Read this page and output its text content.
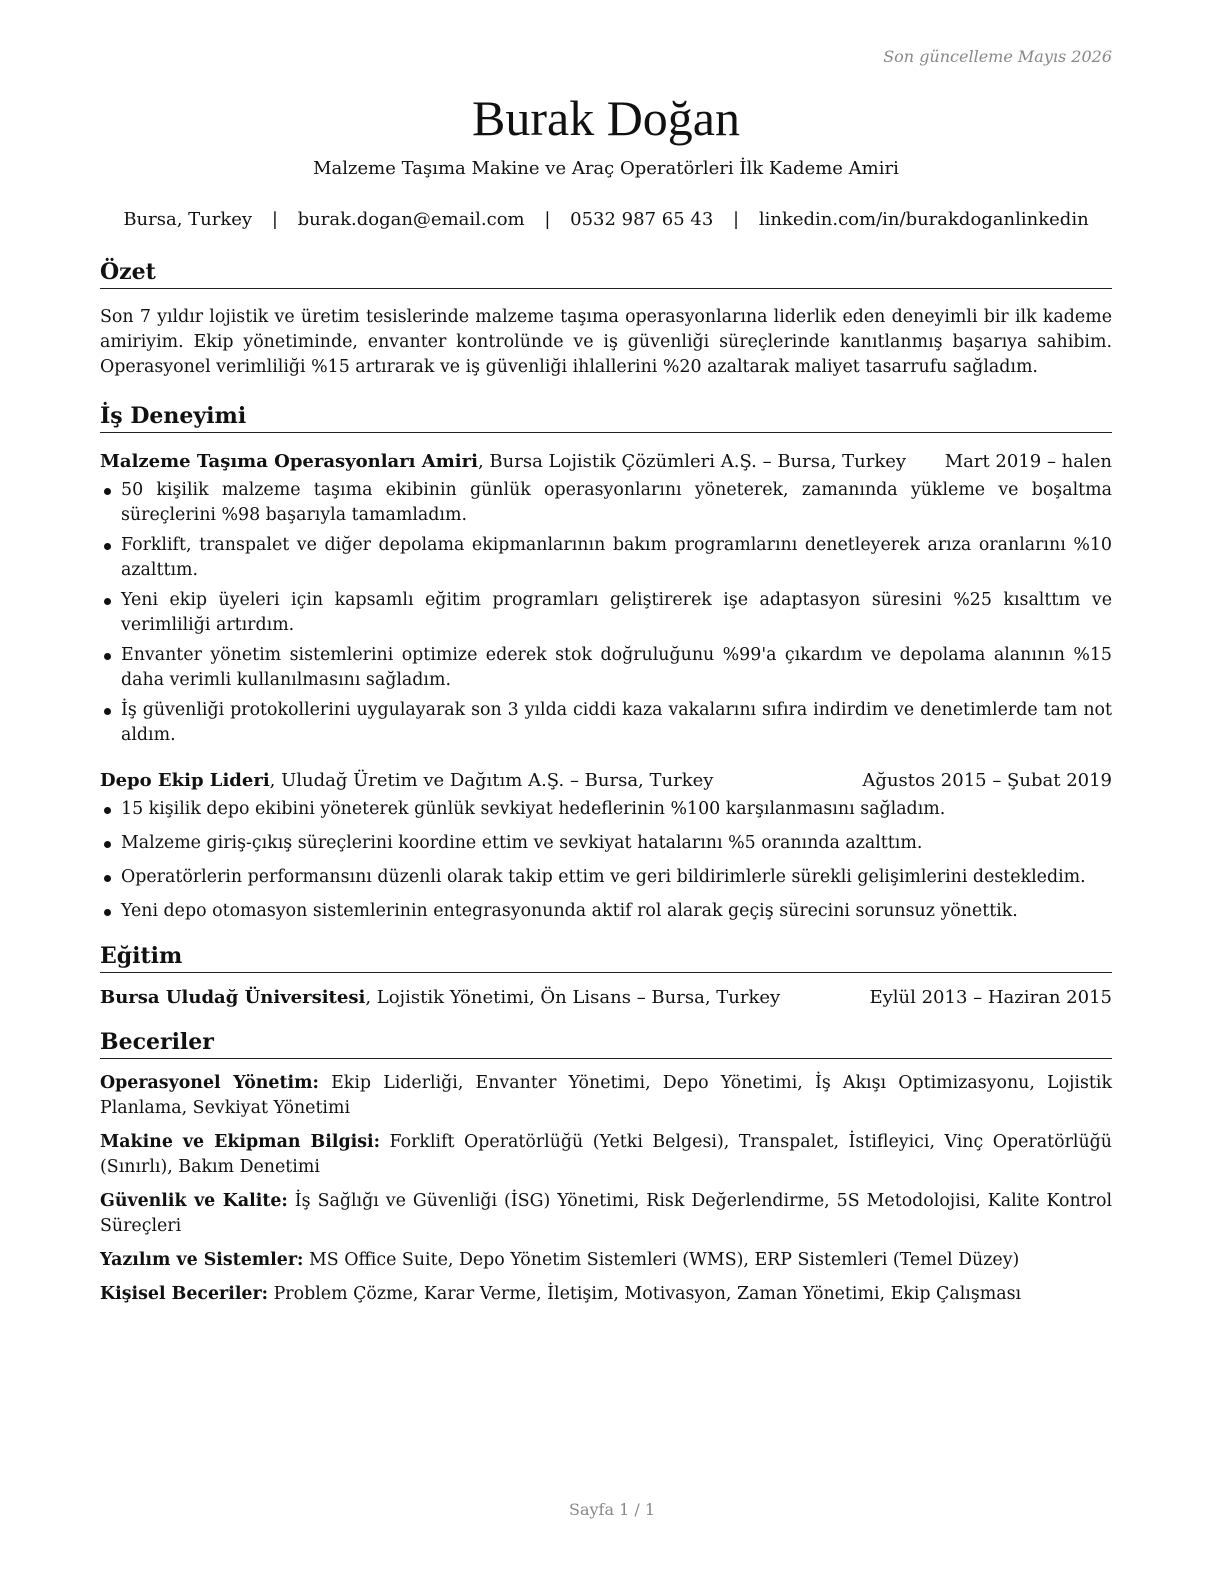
Son güncelleme Mayıs 2026
Burak Doğan
Malzeme Taşıma Makine ve Araç Operatörleri İlk Kademe Amiri
Bursa, Turkey | burak.dogan@email.com | 0532 987 65 43 | linkedin.com/in/burakdoganlinkedin
Özet
Son 7 yıldır lojistik ve üretim tesislerinde malzeme taşıma operasyonlarına liderlik eden deneyimli bir ilk kademe amiriyim. Ekip yönetiminde, envanter kontrolünde ve iş güvenliği süreçlerinde kanıtlanmış başarıya sahibim. Operasyonel verimliliği %15 artırarak ve iş güvenliği ihlallerini %20 azaltarak maliyet tasarrufu sağladım.
İş Deneyimi
Malzeme Taşıma Operasyonları Amiri, Bursa Lojistik Çözümleri A.Ş. – Bursa, Turkey Mart 2019 – halen
50 kişilik malzeme taşıma ekibinin günlük operasyonlarını yöneterek, zamanında yükleme ve boşaltma süreçlerini %98 başarıyla tamamladım.
Forklift, transpalet ve diğer depolama ekipmanlarının bakım programlarını denetleyerek arıza oranlarını %10 azalttım.
Yeni ekip üyeleri için kapsamlı eğitim programları geliştirerek işe adaptasyon süresini %25 kısalttım ve verimliliği artırdım.
Envanter yönetim sistemlerini optimize ederek stok doğruluğunu %99'a çıkardım ve depolama alanının %15 daha verimli kullanılmasını sağladım.
İş güvenliği protokollerini uygulayarak son 3 yılda ciddi kaza vakalarını sıfıra indirdim ve denetimlerde tam not aldım.
Depo Ekip Lideri, Uludağ Üretim ve Dağıtım A.Ş. – Bursa, Turkey	Ağustos 2015 – Şubat 2019
15 kişilik depo ekibini yöneterek günlük sevkiyat hedeflerinin %100 karşılanmasını sağladım.
Malzeme giriş-çıkış süreçlerini koordine ettim ve sevkiyat hatalarını %5 oranında azalttım.
Operatörlerin performansını düzenli olarak takip ettim ve geri bildirimlerle sürekli gelişimlerini destekledim.
Yeni depo otomasyon sistemlerinin entegrasyonunda aktif rol alarak geçiş sürecini sorunsuz yönettik.
Eğitim
Bursa Uludağ Üniversitesi, Lojistik Yönetimi, Ön Lisans – Bursa, Turkey	Eylül 2013 – Haziran 2015
Beceriler

Operasyonel Yönetim: Ekip Liderliği, Envanter Yönetimi, Depo Yönetimi, İş Akışı Optimizasyonu, Lojistik Planlama, Sevkiyat Yönetimi

Makine ve Ekipman Bilgisi: Forklift Operatörlüğü (Yetki Belgesi), Transpalet, İstifleyici, Vinç Operatörlüğü (Sınırlı), Bakım Denetimi

Güvenlik ve Kalite: İş Sağlığı ve Güvenliği (İSG) Yönetimi, Risk Değerlendirme, 5S Metodolojisi, Kalite Kontrol Süreçleri

Yazılım ve Sistemler: MS Office Suite, Depo Yönetim Sistemleri (WMS), ERP Sistemleri (Temel Düzey)

Kişisel Beceriler: Problem Çözme, Karar Verme, İletişim, Motivasyon, Zaman Yönetimi, Ekip Çalışması

Sayfa 1 / 1
